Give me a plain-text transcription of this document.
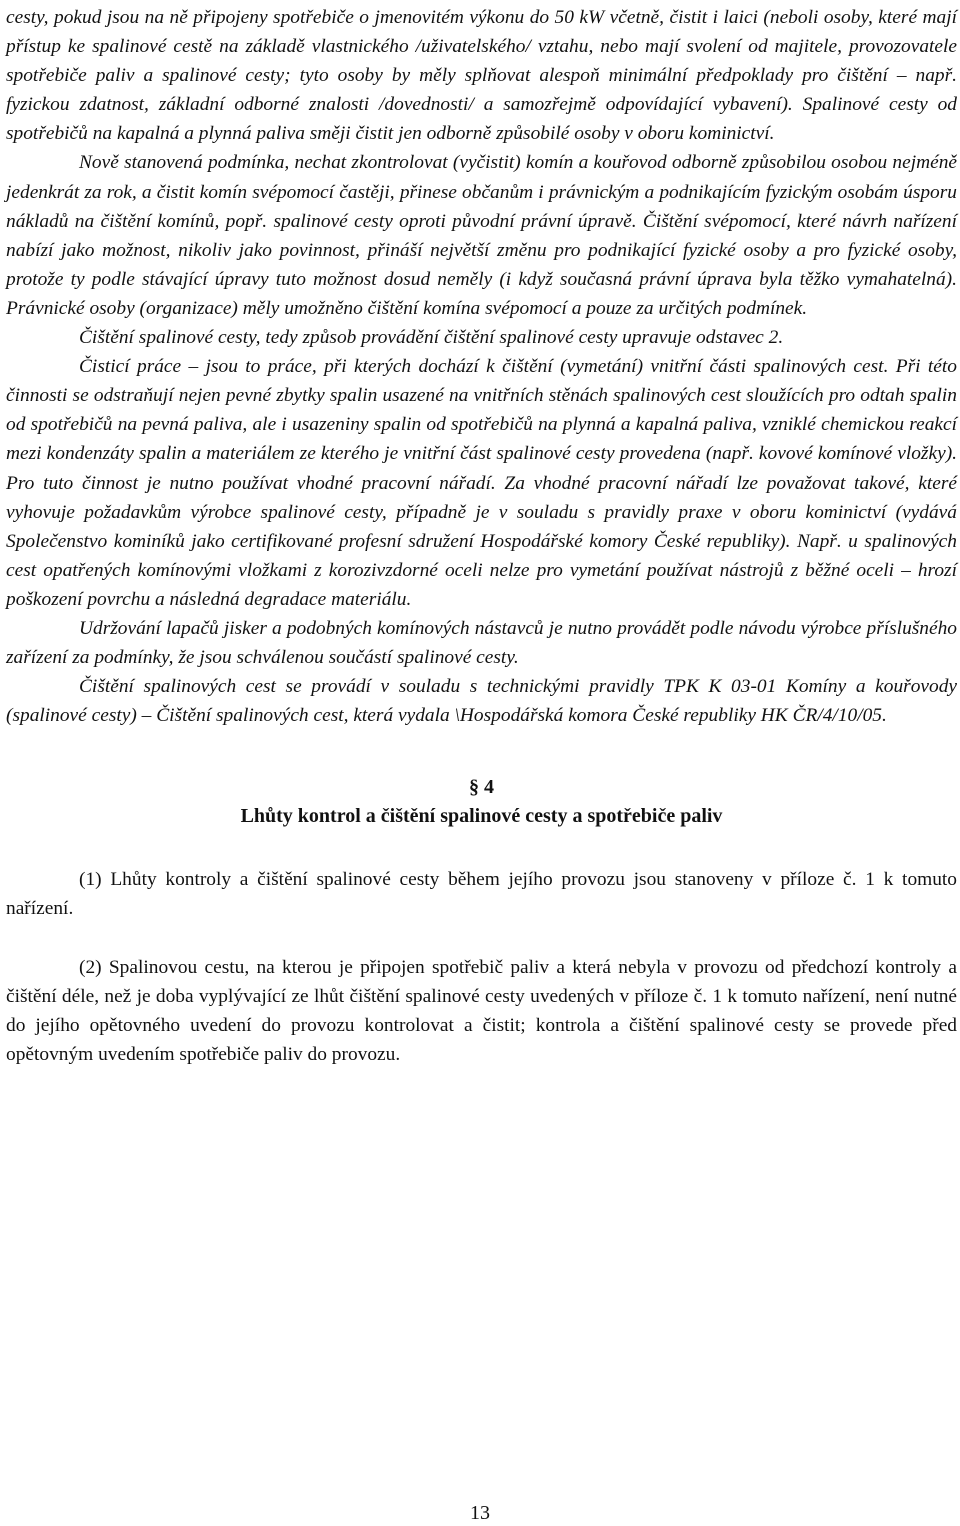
cesty, pokud jsou na ně připojeny spotřebiče o jmenovitém výkonu do 50 kW včetně, čistit i laici (neboli osoby, které mají přístup ke spalinové cestě na základě vlastnického /uživatelského/ vztahu, nebo mají svolení od majitele, provozovatele spotřebiče paliv a spalinové cesty; tyto osoby by měly splňovat alespoň minimální předpoklady pro čištění – např. fyzickou zdatnost, základní odborné znalosti /dovednosti/ a samozřejmě odpovídající vybavení). Spalinové cesty od spotřebičů na kapalná a plynná paliva směji čistit jen odborně způsobilé osoby v oboru kominictví.

Nově stanovená podmínka, nechat zkontrolovat (vyčistit) komín a kouřovod odborně způsobilou osobou nejméně jedenkrát za rok, a čistit komín svépomocí častěji, přinese občanům i právnickým a podnikajícím fyzickým osobám úsporu nákladů na čištění komínů, popř. spalinové cesty oproti původní právní úpravě. Čištění svépomocí, které návrh nařízení nabízí jako možnost, nikoliv jako povinnost, přináší největší změnu pro podnikající fyzické osoby a pro fyzické osoby, protože ty podle stávající úpravy tuto možnost dosud neměly (i když současná právní úprava byla těžko vymahatelná). Právnické osoby (organizace) měly umožněno čištění komína svépomocí a pouze za určitých podmínek.

Čištění spalinové cesty, tedy způsob provádění čištění spalinové cesty upravuje odstavec 2.

Čisticí práce – jsou to práce, při kterých dochází k čištění (vymetání) vnitřní části spalinových cest. Při této činnosti se odstraňují nejen pevné zbytky spalin usazené na vnitřních stěnách spalinových cest sloužících pro odtah spalin od spotřebičů na pevná paliva, ale i usazeniny spalin od spotřebičů na plynná a kapalná paliva, vzniklé chemickou reakcí mezi kondenzáty spalin a materiálem ze kterého je vnitřní část spalinové cesty provedena (např. kovové komínové vložky). Pro tuto činnost je nutno používat vhodné pracovní nářadí. Za vhodné pracovní nářadí lze považovat takové, které vyhovuje požadavkům výrobce spalinové cesty, případně je v souladu s pravidly praxe v oboru kominictví (vydává Společenstvo kominíků jako certifikované profesní sdružení Hospodářské komory České republiky). Např. u spalinových cest opatřených komínovými vložkami z korozivzdorné oceli nelze pro vymetání používat nástrojů z běžné oceli – hrozí poškození povrchu a následná degradace materiálu.

Udržování lapačů jisker a podobných komínových nástavců je nutno provádět podle návodu výrobce příslušného zařízení za podmínky, že jsou schválenou součástí spalinové cesty.

Čištění spalinových cest se provádí v souladu s technickými pravidly TPK K 03-01 Komíny a kouřovody (spalinové cesty) – Čištění spalinových cest, která vydala \Hospodářská komora České republiky HK ČR/4/10/05.

§ 4
Lhůty kontrol a čištění spalinové cesty a spotřebiče paliv

(1) Lhůty kontroly a čištění spalinové cesty během jejího provozu jsou stanoveny v příloze č. 1 k tomuto nařízení.

(2) Spalinovou cestu, na kterou je připojen spotřebič paliv a která nebyla v provozu od předchozí kontroly a čištění déle, než je doba vyplývající ze lhůt čištění spalinové cesty uvedených v příloze č. 1 k tomuto nařízení, není nutné do jejího opětovného uvedení do provozu kontrolovat a čistit; kontrola a čištění spalinové cesty se provede před opětovným uvedením spotřebiče paliv do provozu.

13
